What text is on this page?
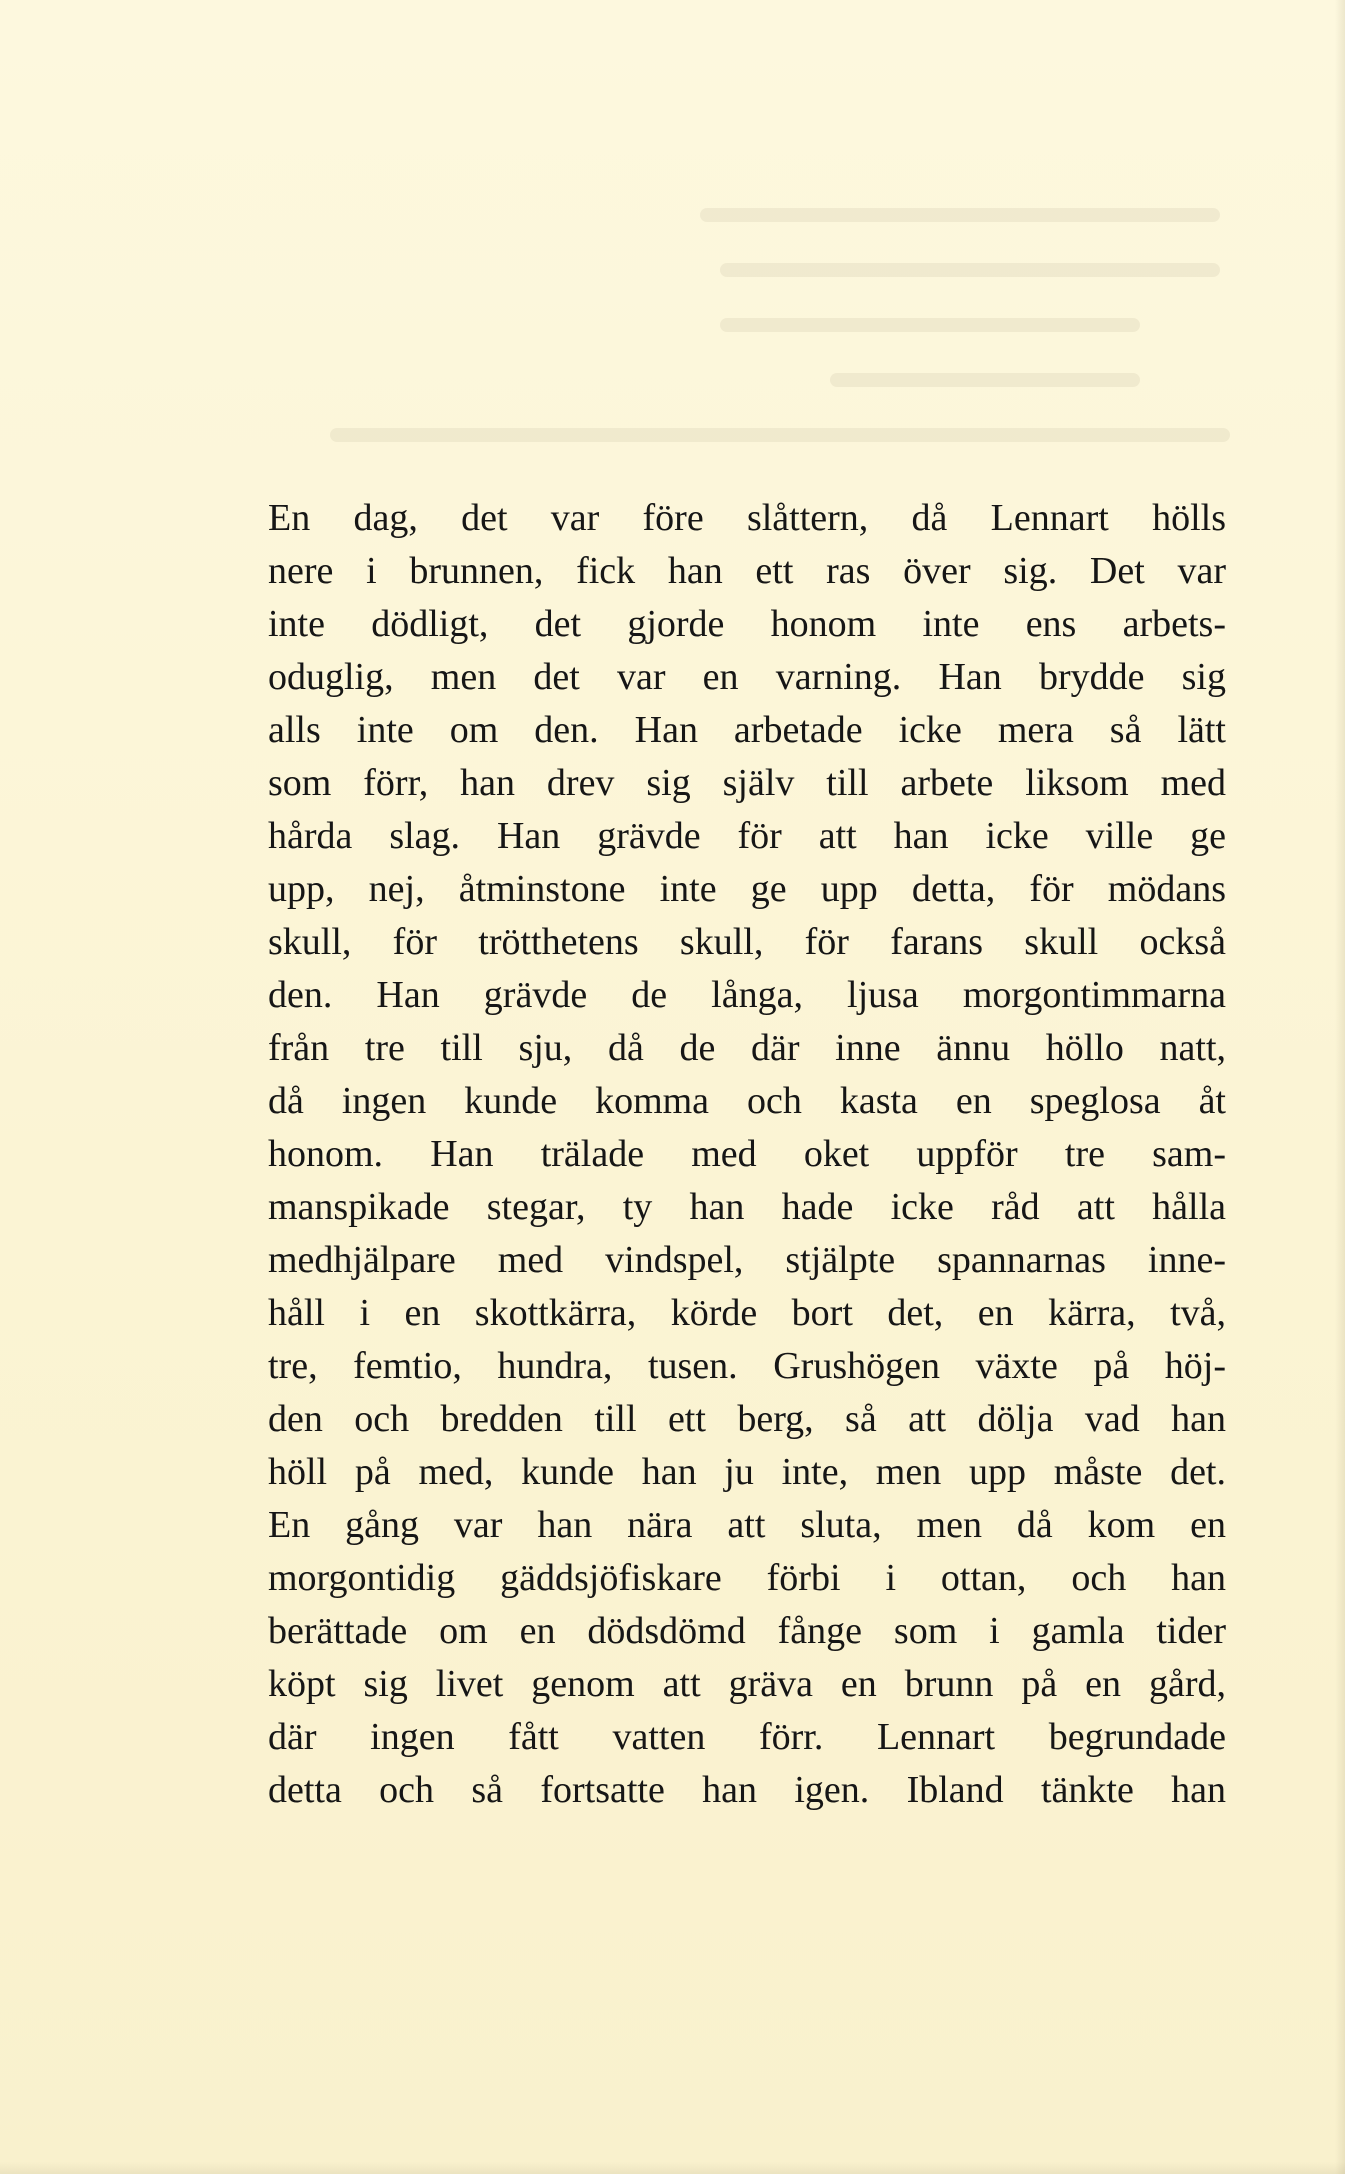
En dag, det var före slåttern, då Lennart hölls
nere i brunnen, fick han ett ras över sig. Det var
inte dödligt, det gjorde honom inte ens arbets-
oduglig, men det var en varning. Han brydde sig
alls inte om den. Han arbetade icke mera så lätt
som förr, han drev sig själv till arbete liksom med
hårda slag. Han grävde för att han icke ville ge
upp, nej, åtminstone inte ge upp detta, för mödans
skull, för trötthetens skull, för farans skull också
den. Han grävde de långa, ljusa morgontimmarna
från tre till sju, då de där inne ännu höllo natt,
då ingen kunde komma och kasta en speglosa åt
honom. Han trälade med oket uppför tre sam-
manspikade stegar, ty han hade icke råd att hålla
medhjälpare med vindspel, stjälpte spannarnas inne-
håll i en skottkärra, körde bort det, en kärra, två,
tre, femtio, hundra, tusen. Grushögen växte på höj-
den och bredden till ett berg, så att dölja vad han
höll på med, kunde han ju inte, men upp måste det.
En gång var han nära att sluta, men då kom en
morgontidig gäddsjöfiskare förbi i ottan, och han
berättade om en dödsdömd fånge som i gamla tider
köpt sig livet genom att gräva en brunn på en gård,
där ingen fått vatten förr. Lennart begrundade
detta och så fortsatte han igen. Ibland tänkte han
